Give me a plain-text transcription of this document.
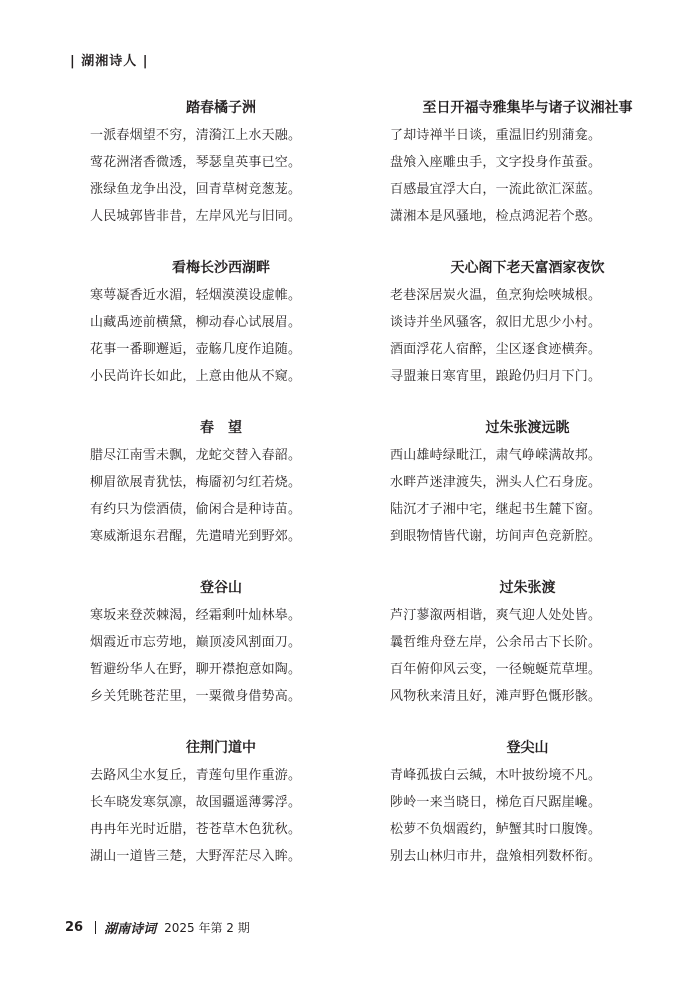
| 湖湘诗人 |
踏春橘子洲
一派春烟望不穷，清漪江上水天融。
莺花洲渚香微透，琴瑟皇英事已空。
涨绿鱼龙争出没，回青草树竞葱茏。
人民城郭皆非昔，左岸风光与旧同。
看梅长沙西湖畔
寒萼凝香近水湄，轻烟漠漠设虚帷。
山藏禹迹前横黛，柳动春心试展眉。
花事一番聊邂逅，壶觞几度作追随。
小民尚许长如此，上意由他从不窥。
春　望
腊尽江南雪未飘，龙蛇交替入春韶。
柳眉欲展青犹怯，梅靥初匀红若烧。
有约只为偿酒债，偷闲合是种诗苗。
寒威渐退东君醒，先遣晴光到野郊。
登谷山
寒坂来登茨棘渴，经霜剩叶灿林皋。
烟霞近市忘劳地，巅顶凌风割面刀。
暂避纷华人在野，聊开襟抱意如陶。
乡关凭眺苍茫里，一粟微身借势高。
往荆门道中
去路风尘水复丘，青莲句里作重游。
长车晓发寒氛凛，故国疆遥薄雾浮。
冉冉年光时近腊，苍苍草木色犹秋。
湖山一道皆三楚，大野浑茫尽入眸。
至日开福寺雅集毕与诸子议湘社事
了却诗禅半日谈，重温旧约别蒲龛。
盘飧入座雕虫手，文字投身作茧蚕。
百感最宜浮大白，一流此欲汇深蓝。
潇湘本是风骚地，检点鸿泥若个憨。
天心阁下老天富酒家夜饮
老巷深居炭火温，鱼烹狗烩唊城根。
谈诗并坐风骚客，叙旧尤思少小村。
酒面浮花人宿醉，尘区逐食迹横奔。
寻盟兼日寒宵里，踉跄仍归月下门。
过朱张渡远眺
西山雄峙绿毗江，肃气峥嵘满故邦。
水畔芦迷津渡失，洲头人伫石身庞。
陆沉才子湘中宅，继起书生麓下窗。
到眼物情皆代谢，坊间声色竞新腔。
过朱张渡
芦汀蓼溆两相谐，爽气迎人处处皆。
曩哲维舟登左岸，公余吊古下长阶。
百年俯仰风云变，一径蜿蜒荒草埋。
风物秋来清且好，滩声野色慨形骸。
登尖山
青峰孤拔白云缄，木叶披纷境不凡。
陟岭一来当晓日，梯危百尺踞崖巉。
松萝不负烟霞约，鲈蟹其时口腹馋。
别去山林归市井，盘飧相列数杯衔。
26 湖南诗词 2025 年第 2 期
